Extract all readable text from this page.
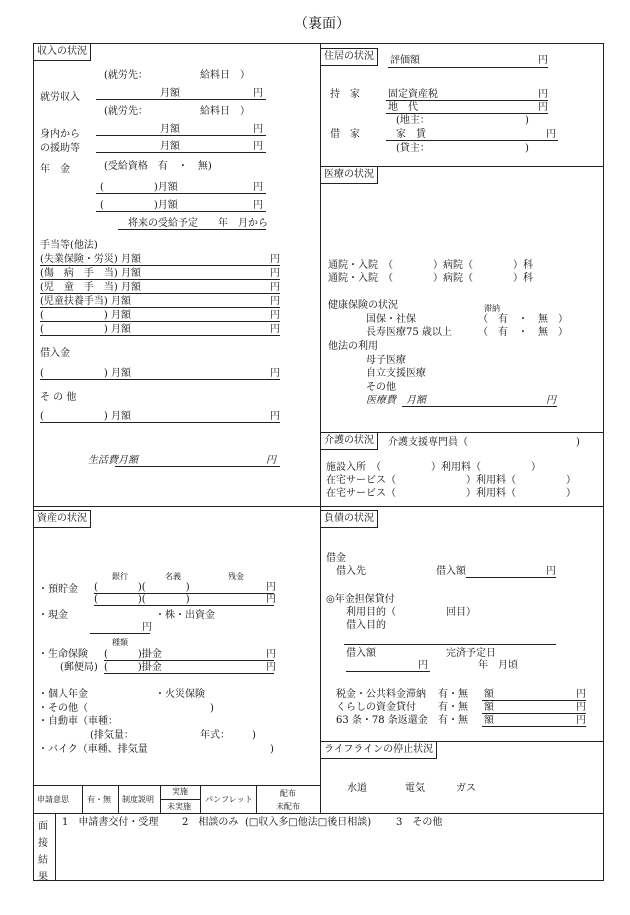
（裏面）
収入の状況
(就労先：	給料日　）
就労収入	月額	円
(就労先：	給料日　）
月額	円
身内から
の援助等	月額	円
年　金	(受給資格　有　・　無)
(　　　　　)月額	円
(　　　　　)月額	円
将来の受給予定　　年　月から
手当等(他法)
(失業保険・労災) 月額	円
(傷　病　手　当) 月額	円
(児　童　手　当) 月額	円
(児童扶養手当) 月額	円
(　　　　　　) 月額	円
(　　　　　　) 月額	円
借入金
(　　　　　　) 月額	円
そ の 他
(　　　　　　) 月額	円
生活費 月額	円
住居の状況	評価額	円
持　家	固定資産税	円
地　代	円
(地主：	)
借　家	家　賃	円
(貸主：	)
医療の状況
通院・入院　（　　　　）病院（　　　　）科
通院・入院　（　　　　）病院（　　　　）科
健康保険の状況	滞納
国保・社保	（　有　・　無　）
長寿医療75 歳以上	（　有　・　無　）
他法の利用
母子医療
自立支援医療
その他
医療費 月額	円
介護の状況	介護支援専門員（	)
施設入所　（　　　　　）利用料（　　　　　）
在宅サービス（　　　　　　　）利用料（　　　　　）
在宅サービス（　　　　　　　）利用料（　　　　　）
資産の状況
銀行	名義	残金
・預貯金 (　　　　)(　　　　)	円
(　　　　)(　　　　)	円
・現金	・株・出資金
円
種類
・生命保険 (　　　)掛金	円
(郵便局) (　　　)掛金	円
・個人年金	・火災保険
・その他（	)
・自動車（車種：
(排気量：	年式： )
・バイク（車種、排気量	)
申請意思 有・無 制度説明
実施
未実施
パンフレット
配布
未配布
負債の状況
借金
借入先	借入額	円
◎年金担保貸付
利用目的（　　　　　回目）
借入目的
借入額	完済予定日
円	年　月頃
税金・公共料金滞納 有・無 額	円
くらしの資金貸付 有・無 額	円
63 条・78 条返還金 有・無 額	円
ライフラインの停止状況
水道	電気	ガス
面
接
結
果
1　申請書交付・受理 2　相談のみ (□収入多□他法□後日相談) 3　その他
